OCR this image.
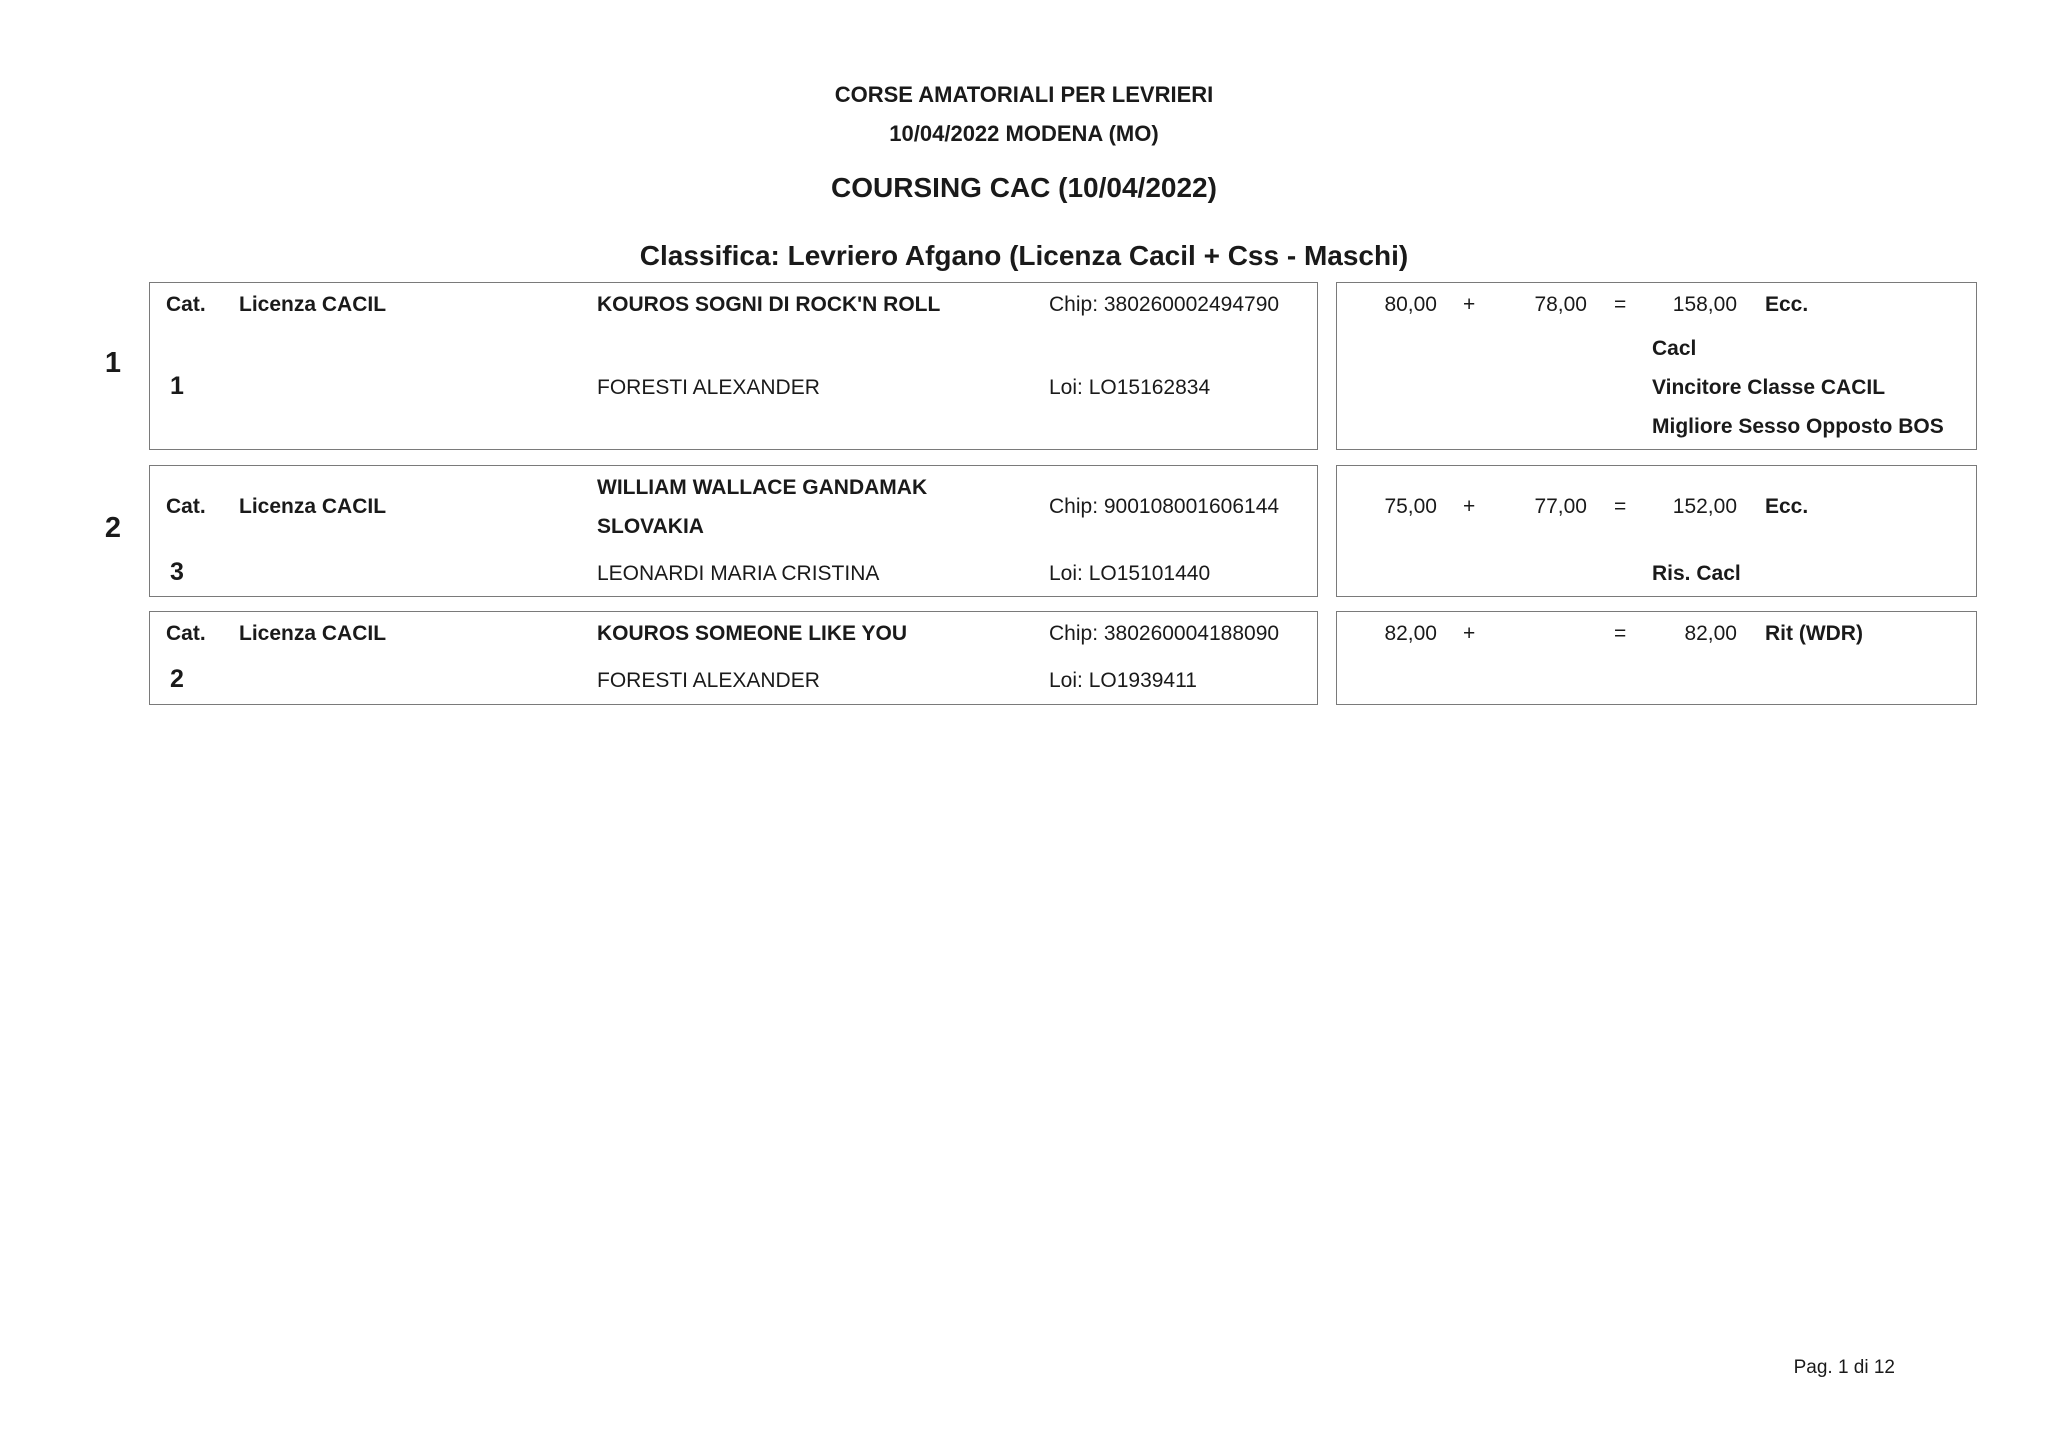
CORSE AMATORIALI PER LEVRIERI
10/04/2022 MODENA (MO)
COURSING CAC (10/04/2022)
Classifica: Levriero Afgano (Licenza Cacil + Css - Maschi)
1
Cat. Licenza CACIL	KOUROS SOGNI DI ROCK'N ROLL	Chip: 380260002494790
1	FORESTI ALEXANDER	Loi: LO15162834
80,00 +	78,00 =	158,00 Ecc.
Cacl
Vincitore Classe CACIL
Migliore Sesso Opposto BOS
2
Cat. Licenza CACIL
WILLIAM WALLACE GANDAMAK
SLOVAKIA
Chip: 900108001606144
3	LEONARDI MARIA CRISTINA	Loi: LO15101440
75,00 +	77,00 =	152,00 Ecc.
Ris. Cacl
Cat. Licenza CACIL	KOUROS SOMEONE LIKE YOU	Chip: 380260004188090
2	FORESTI ALEXANDER	Loi: LO1939411
82,00 +	=	82,00 Rit (WDR)
Pag. 1 di 12
